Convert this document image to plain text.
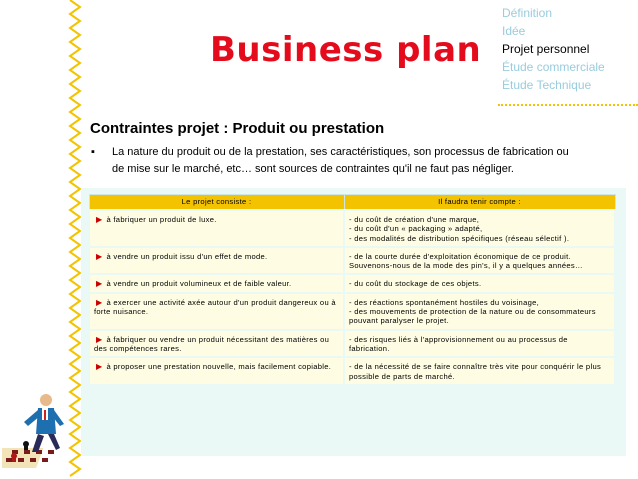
Business plan
Définition
Idée
Projet personnel
Étude commerciale
Étude Technique
Contraintes projet : Produit ou prestation
▪ La nature du produit ou de la prestation, ses caractéristiques, son processus de fabrication ou de mise sur le marché, etc… sont sources de contraintes qu'il ne faut pas négliger.
Le projet consiste :	Il faudra tenir compte :
▶ à fabriquer un produit de luxe.	- du coût de création d'une marque,
- du coût d'un « packaging » adapté,
- des modalités de distribution spécifiques (réseau sélectif ).

▶ à vendre un produit issu d'un effet de mode.	- de la courte durée d'exploitation économique de ce produit. Souvenons-nous de la mode des pin's, il y a quelques années…

▶ à vendre un produit volumineux et de faible valeur.	- du coût du stockage de ces objets.

▶ à exercer une activité axée autour d'un produit dangereux ou à forte nuisance.	- des réactions spontanément hostiles du voisinage,
- des mouvements de protection de la nature ou de consommateurs pouvant paralyser le projet.

▶ à fabriquer ou vendre un produit nécessitant des matières ou des compétences rares.	- des risques liés à l'approvisionnement ou au processus de fabrication.

▶ à proposer une prestation nouvelle, mais facilement copiable.	- de la nécessité de se faire connaître très vite pour conquérir le plus possible de parts de marché.
